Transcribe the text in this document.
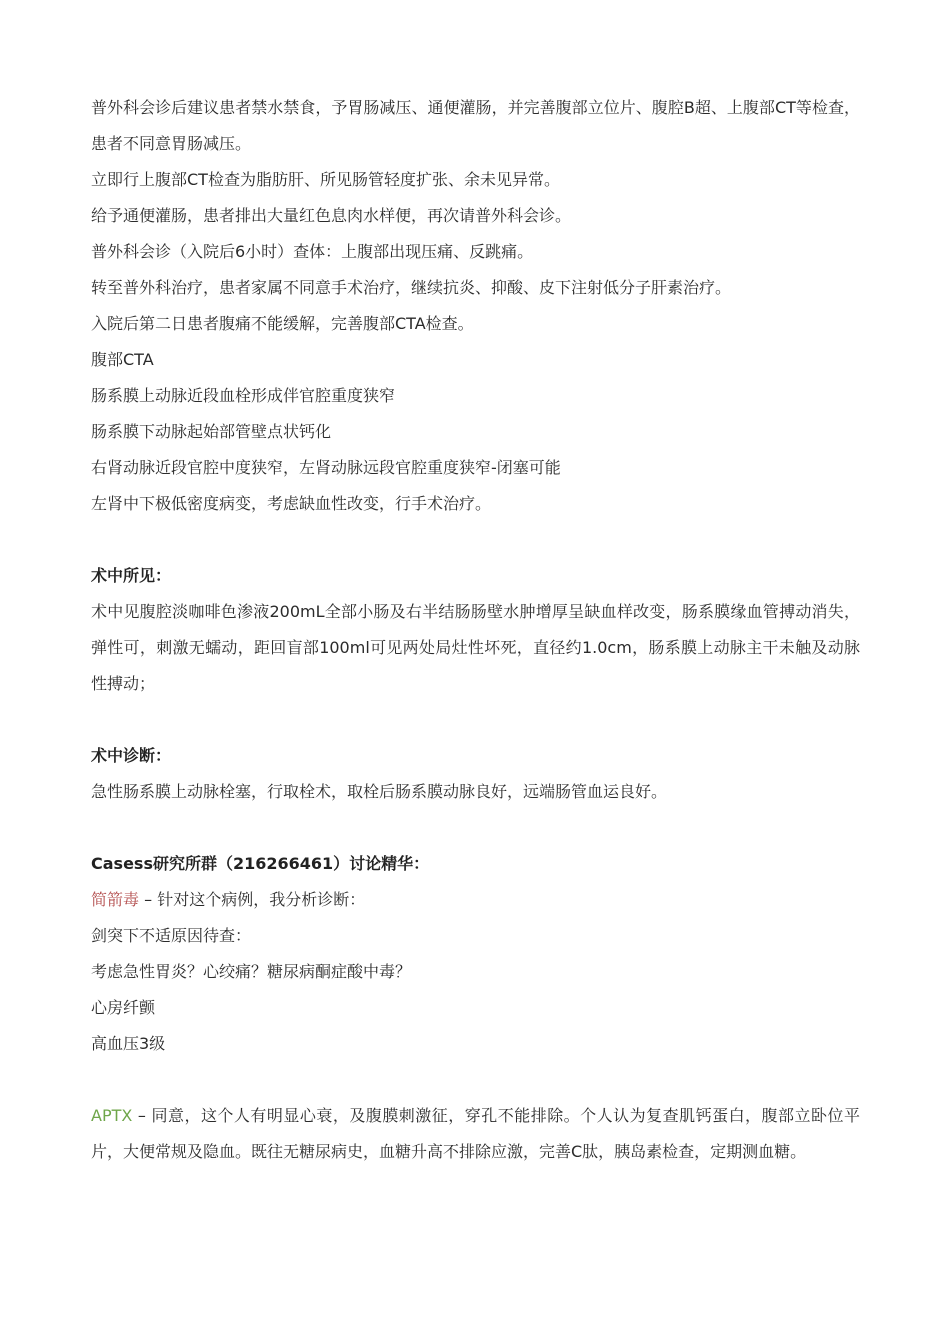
普外科会诊后建议患者禁水禁食，予胃肠减压、通便灌肠，并完善腹部立位片、腹腔B超、上腹部CT等检查，患者不同意胃肠减压。

立即行上腹部CT检查为脂肪肝、所见肠管轻度扩张、余未见异常。

给予通便灌肠，患者排出大量红色息肉水样便，再次请普外科会诊。

普外科会诊（入院后6小时）查体：上腹部出现压痛、反跳痛。

转至普外科治疗，患者家属不同意手术治疗，继续抗炎、抑酸、皮下注射低分子肝素治疗。

入院后第二日患者腹痛不能缓解，完善腹部CTA检查。

腹部CTA

肠系膜上动脉近段血栓形成伴官腔重度狭窄

肠系膜下动脉起始部管壁点状钙化

右肾动脉近段官腔中度狭窄，左肾动脉远段官腔重度狭窄-闭塞可能

左肾中下极低密度病变，考虑缺血性改变，行手术治疗。

术中所见：

术中见腹腔淡咖啡色渗液200mL全部小肠及右半结肠肠壁水肿增厚呈缺血样改变，肠系膜缘血管搏动消失，弹性可，刺激无蠕动，距回盲部100ml可见两处局灶性坏死，直径约1.0cm，肠系膜上动脉主干未触及动脉性搏动；

术中诊断：

急性肠系膜上动脉栓塞，行取栓术，取栓后肠系膜动脉良好，远端肠管血运良好。

Casess研究所群（216266461）讨论精华：

简箭毒 – 针对这个病例，我分析诊断：

剑突下不适原因待查：

考虑急性胃炎？心绞痛？糖尿病酮症酸中毒？

心房纤颤

高血压3级

APTX – 同意，这个人有明显心衰，及腹膜刺激征，穿孔不能排除。个人认为复查肌钙蛋白，腹部立卧位平片，大便常规及隐血。既往无糖尿病史，血糖升高不排除应激，完善C肽，胰岛素检查，定期测血糖。
